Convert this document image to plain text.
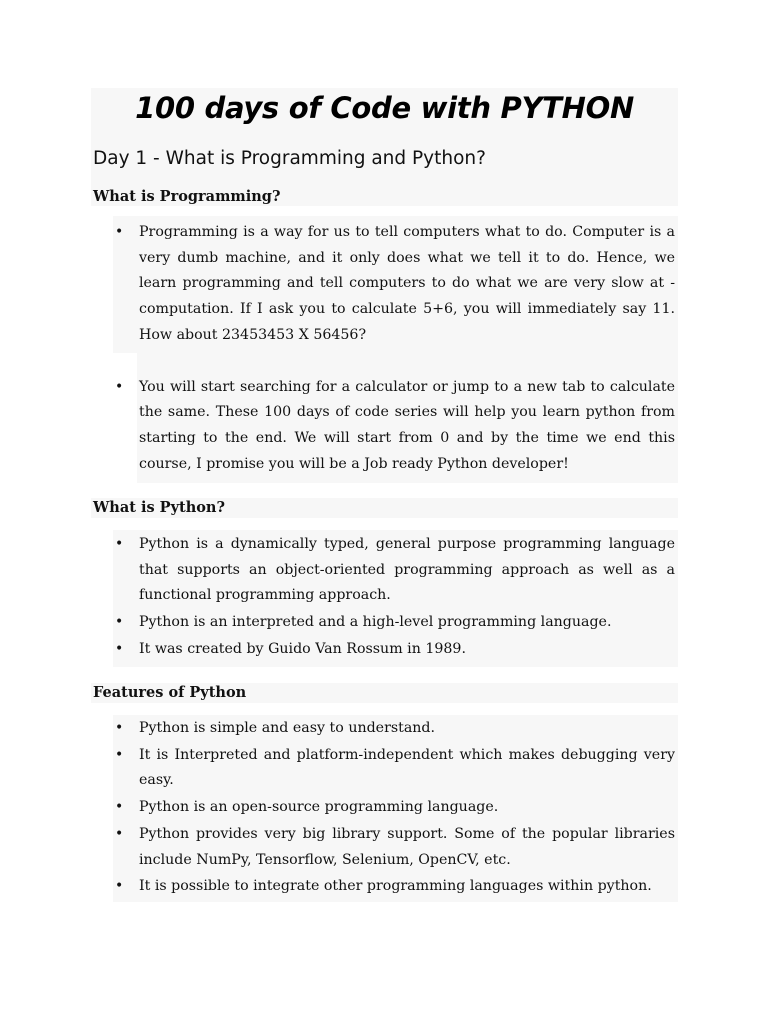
100 days of Code with PYTHON
Day 1 - What is Programming and Python?
What is Programming?
• Programming is a way for us to tell computers what to do. Computer is a very dumb machine, and it only does what we tell it to do. Hence, we learn programming and tell computers to do what we are very slow at - computation. If I ask you to calculate 5+6, you will immediately say 11. How about 23453453 X 56456?
• You will start searching for a calculator or jump to a new tab to calculate the same. These 100 days of code series will help you learn python from starting to the end. We will start from 0 and by the time we end this course, I promise you will be a Job ready Python developer!
What is Python?
• Python is a dynamically typed, general purpose programming language that supports an object-oriented programming approach as well as a functional programming approach.
• Python is an interpreted and a high-level programming language.
• It was created by Guido Van Rossum in 1989.
Features of Python
• Python is simple and easy to understand.
• It is Interpreted and platform-independent which makes debugging very easy.
• Python is an open-source programming language.
• Python provides very big library support. Some of the popular libraries include NumPy, Tensorflow, Selenium, OpenCV, etc.
• It is possible to integrate other programming languages within python.
